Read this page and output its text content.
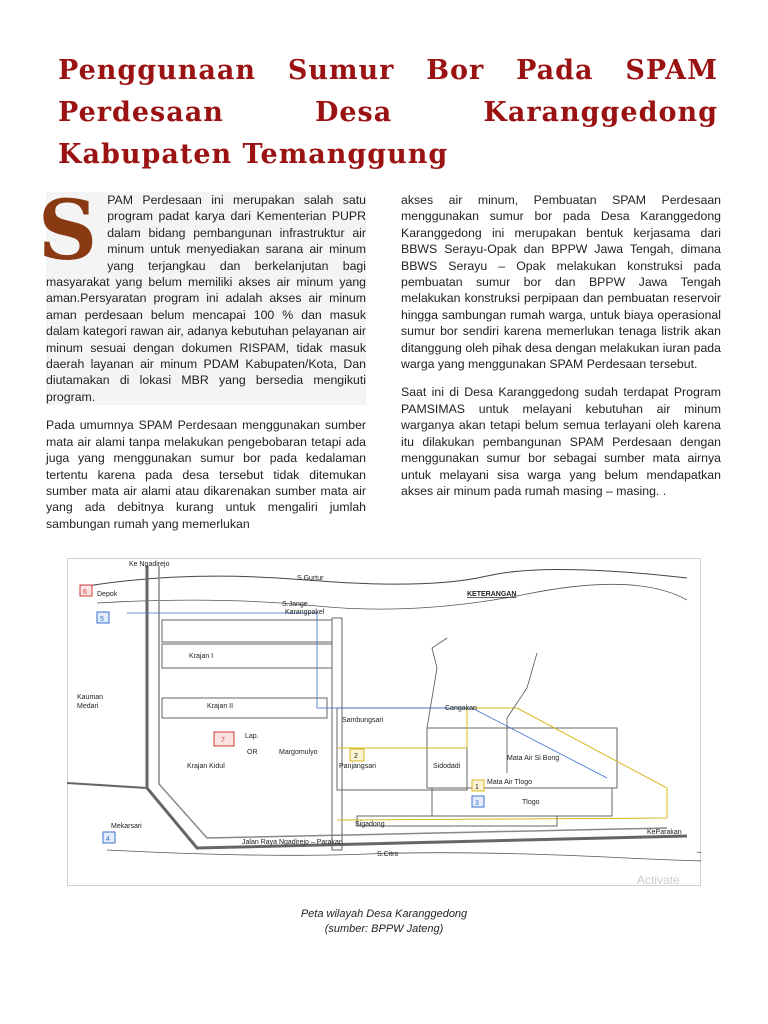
Penggunaan Sumur Bor Pada SPAM
Perdesaan Desa Karanggedong
Kabupaten Temanggung

SPAM Perdesaan ini merupakan salah satu program padat karya dari Kementerian PUPR dalam bidang pembangunan infrastruktur air minum untuk menyediakan sarana air minum yang terjangkau dan berkelanjutan bagi masyarakat yang belum memiliki akses air minum yang aman.Persyaratan program ini adalah akses air minum aman perdesaan belum mencapai 100 % dan masuk dalam kategori rawan air, adanya kebutuhan pelayanan air minum sesuai dengan dokumen RISPAM, tidak masuk daerah layanan air minum PDAM Kabupaten/Kota, Dan diutamakan di lokasi MBR yang bersedia mengikuti program.

Pada umumnya SPAM Perdesaan menggunakan sumber mata air alami tanpa melakukan pengebobaran tetapi ada juga yang menggunakan sumur bor pada kedalaman tertentu karena pada desa tersebut tidak ditemukan sumber mata air alami atau dikarenakan sumber mata air yang ada debitnya kurang untuk mengaliri jumlah sambungan rumah yang memerlukan

akses air minum, Pembuatan SPAM Perdesaan menggunakan sumur bor pada Desa Karanggedong Karanggedong ini merupakan bentuk kerjasama dari BBWS Serayu-Opak dan BPPW Jawa Tengah, dimana BBWS Serayu – Opak melakukan konstruksi pada pembuatan sumur bor dan BPPW Jawa Tengah melakukan konstruksi perpipaan dan pembuatan reservoir hingga sambungan rumah warga, untuk biaya operasional sumur bor sendiri karena memerlukan tenaga listrik akan ditanggung oleh pihak desa dengan melakukan iuran pada warga yang menggunakan SPAM Perdesaan tersebut.

Saat ini di Desa Karanggedong sudah terdapat Program PAMSIMAS untuk melayani kebutuhan air minum warganya akan tetapi belum semua terlayani oleh karena itu dilakukan pembangunan SPAM Perdesaan dengan menggunakan sumur bor sebagai sumber mata airnya untuk melayani sisa warga yang belum mendapatkan akses air minum pada rumah masing – masing. .

6
5
7
2
1
3
4
Ke Ngadirejo
S.Gurtur
Depok
S.Jange
Karangpakel
KETERANGAN
Krajan I
Kauman
Medari	Krajan II	Cangakan
Sambungsari
Lap.
OR	Margomulyo
Panjangsari	Sidodadi
Krajan Kidul
Mata Air Si Bong
Mata Air Tlogo
Tlogo
Mekarsari	Sigadong
KeParakan
Jalan Raya Ngadirejo – Parakan
S.Citro
Activate
Peta wilayah Desa Karanggedong
(sumber: BPPW Jateng)
